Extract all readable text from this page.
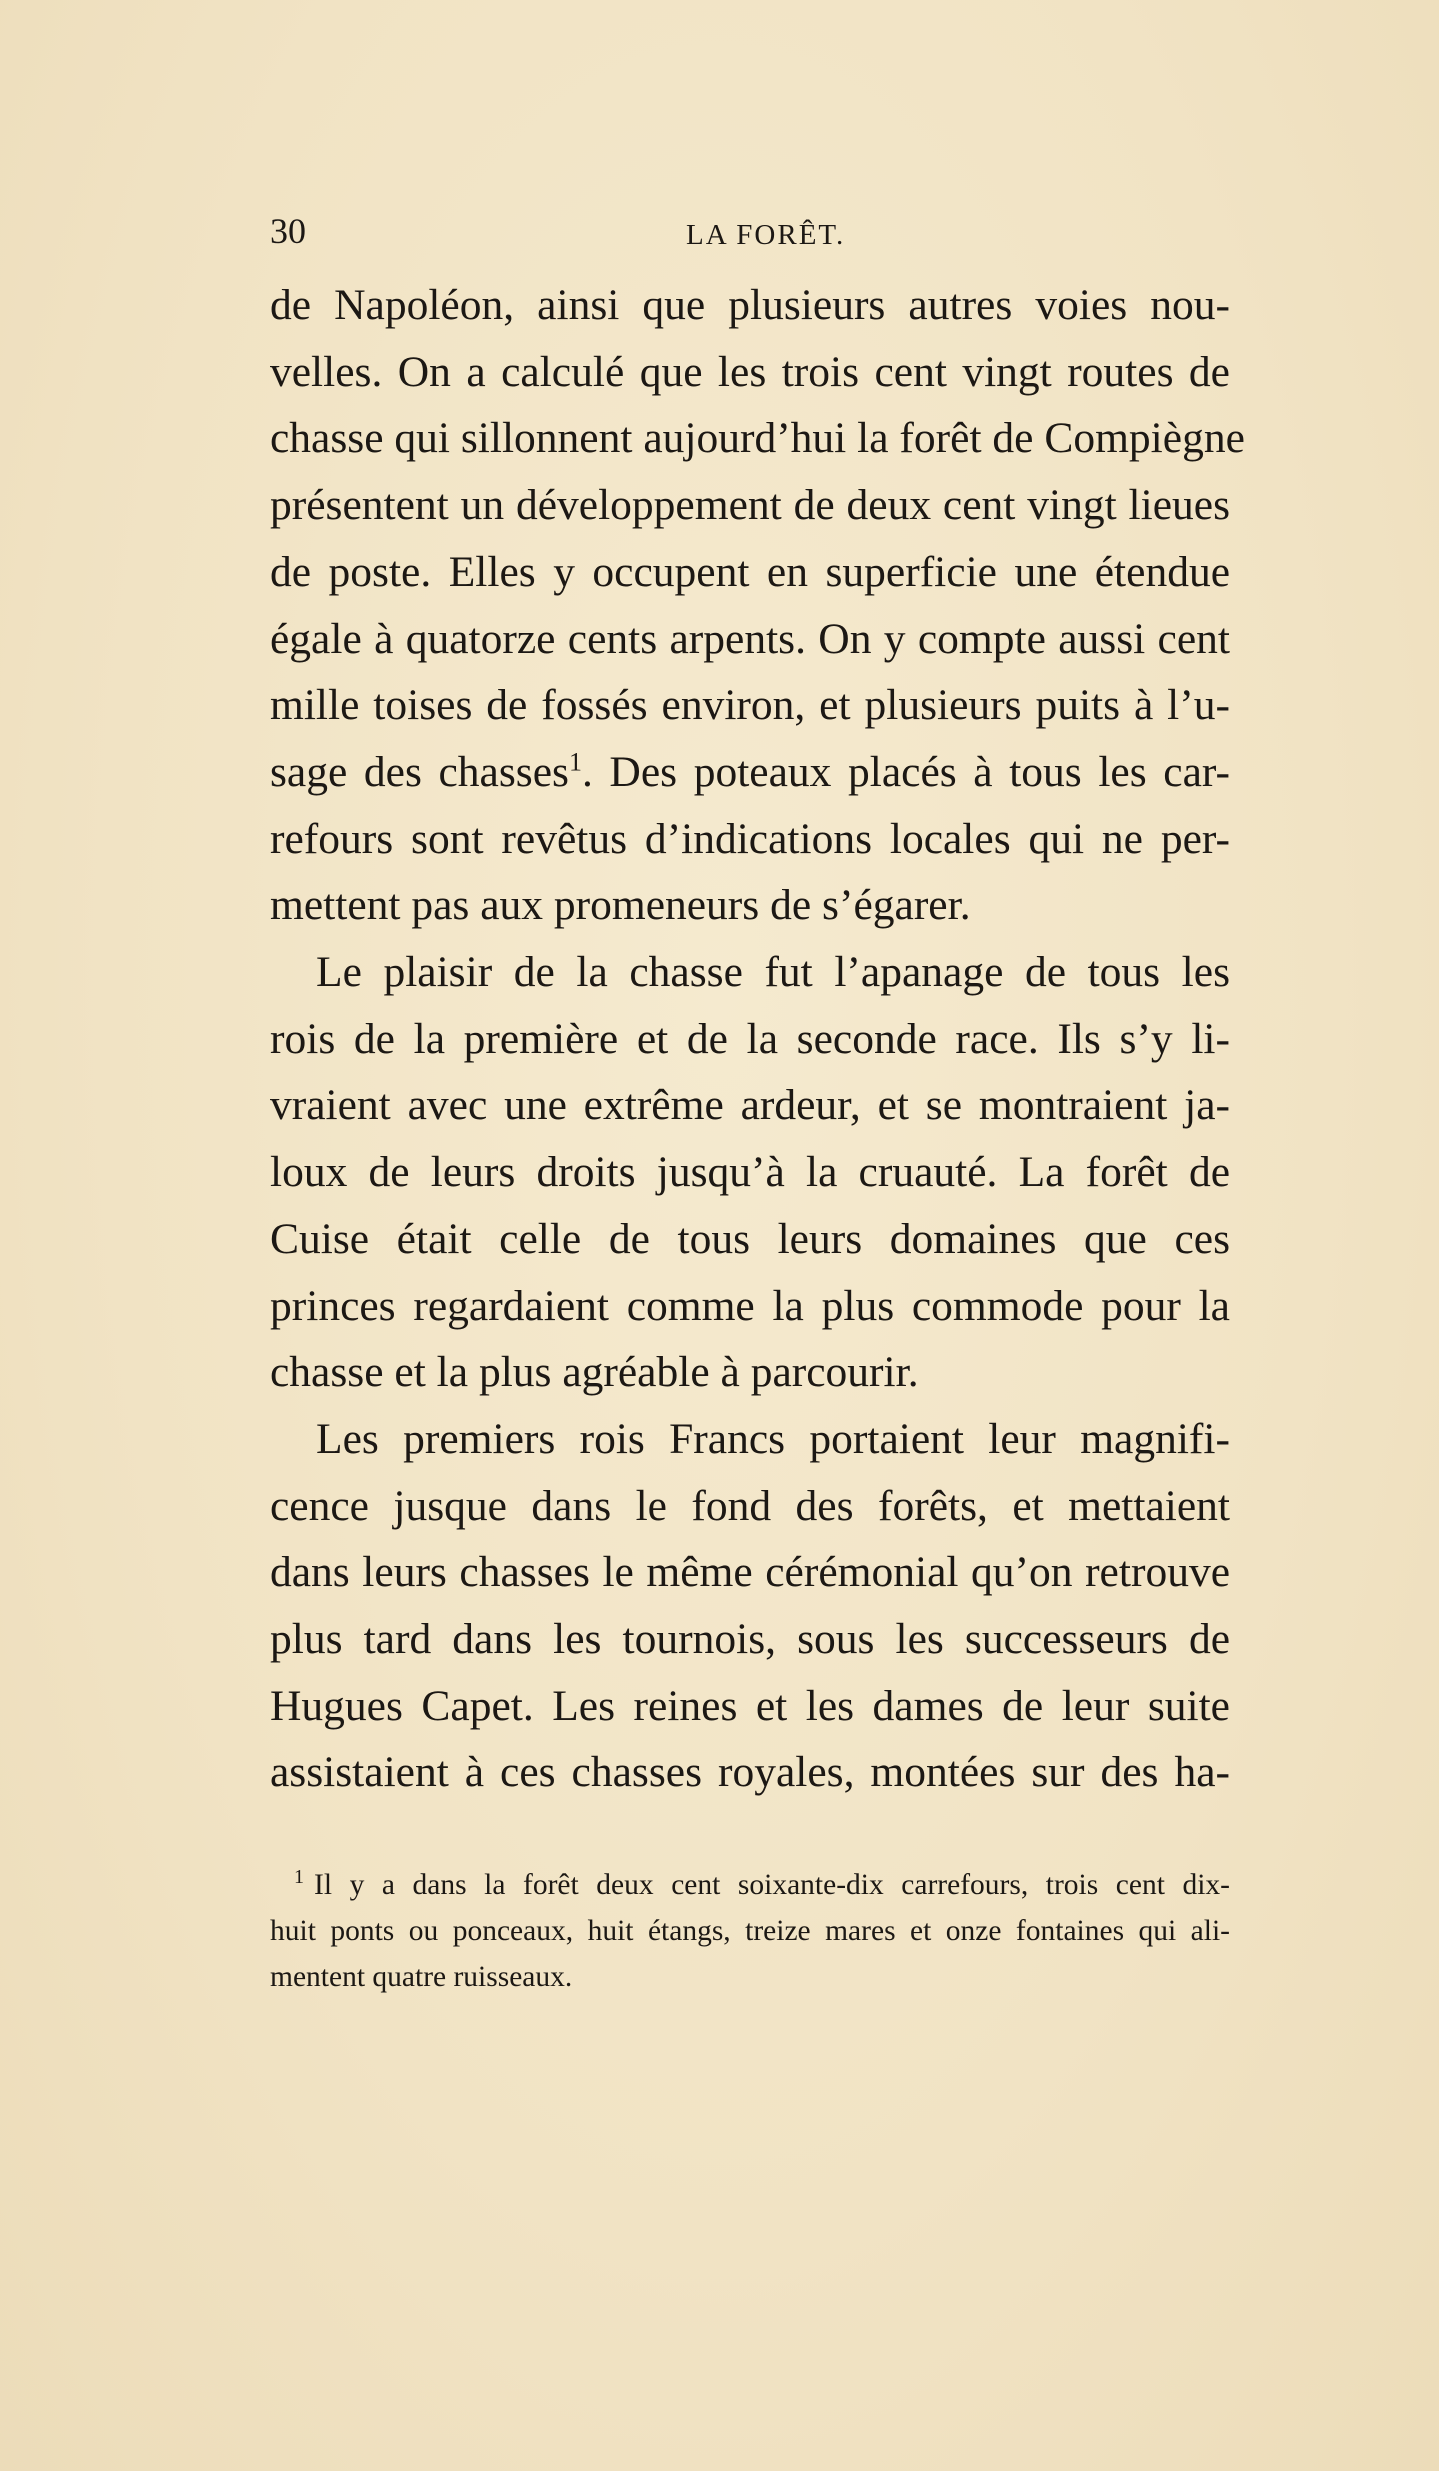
30	LA FORÊT.
de Napoléon, ainsi que plusieurs autres voies nou-
velles. On a calculé que les trois cent vingt routes de
chasse qui sillonnent aujourd’hui la forêt de Compiègne
présentent un développement de deux cent vingt lieues
de poste. Elles y occupent en superficie une étendue
égale à quatorze cents arpents. On y compte aussi cent
mille toises de fossés environ, et plusieurs puits à l’u-
sage des chasses$^1$. Des poteaux placés à tous les car-
refours sont revêtus d’indications locales qui ne per-
mettent pas aux promeneurs de s’égarer.
Le plaisir de la chasse fut l’apanage de tous les
rois de la première et de la seconde race. Ils s’y li-
vraient avec une extrême ardeur, et se montraient ja-
loux de leurs droits jusqu’à la cruauté. La forêt de
Cuise était celle de tous leurs domaines que ces
princes regardaient comme la plus commode pour la
chasse et la plus agréable à parcourir.
Les premiers rois Francs portaient leur magnifi-
cence jusque dans le fond des forêts, et mettaient
dans leurs chasses le même cérémonial qu’on retrouve
plus tard dans les tournois, sous les successeurs de
Hugues Capet. Les reines et les dames de leur suite
assistaient à ces chasses royales, montées sur des ha-
$^1$ Il y a dans la forêt deux cent soixante-dix carrefours, trois cent dix-
huit ponts ou ponceaux, huit étangs, treize mares et onze fontaines qui ali-
mentent quatre ruisseaux.
